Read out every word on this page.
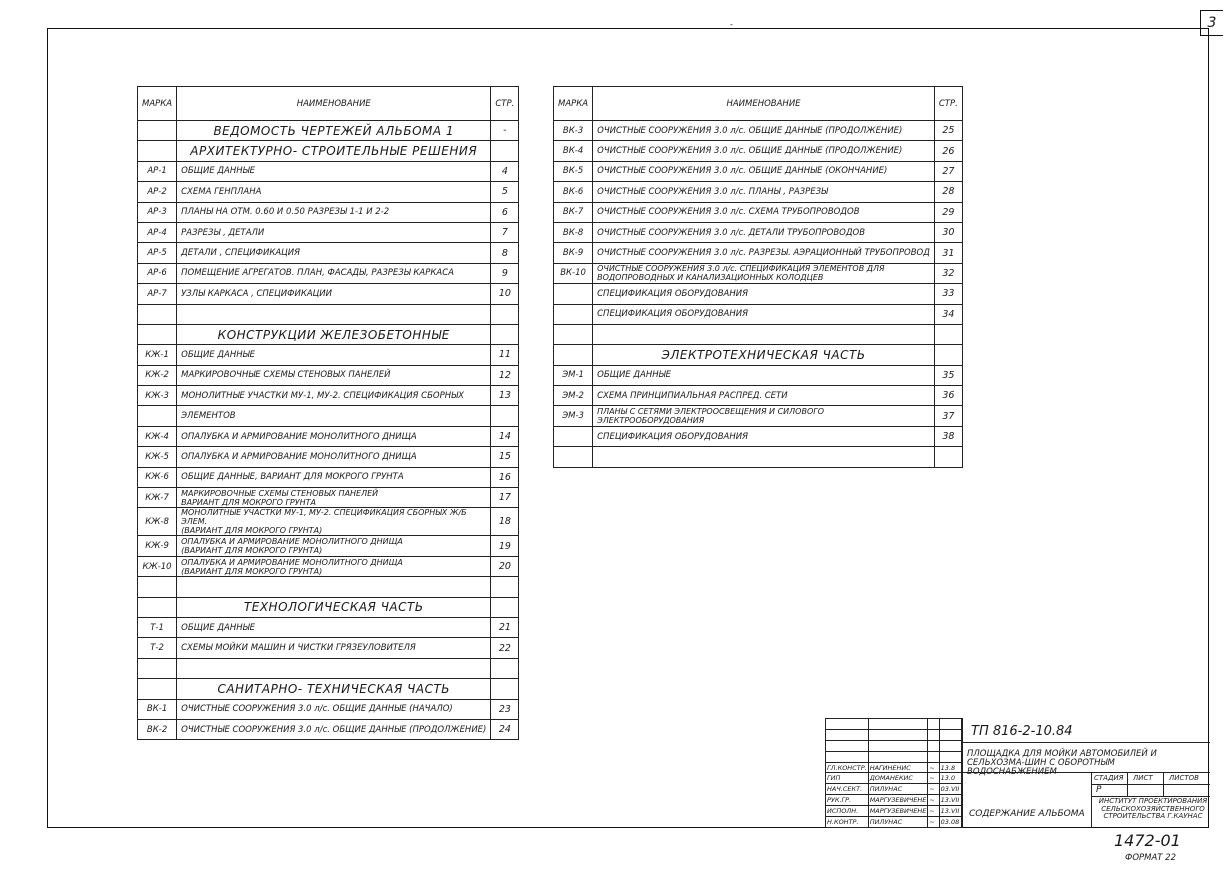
-	3
МАРКА	НАИМЕНОВАНИЕ	СТР.
	ВЕДОМОСТЬ ЧЕРТЕЖЕЙ АЛЬБОМА 1	-
	АРХИТЕКТУРНО- СТРОИТЕЛЬНЫЕ РЕШЕНИЯ	
АР-1	ОБЩИЕ ДАННЫЕ	4
АР-2	СХЕМА ГЕНПЛАНА	5
АР-3	ПЛАНЫ НА ОТМ. 0.60 И 0.50 РАЗРЕЗЫ 1-1 И 2-2	6
АР-4	РАЗРЕЗЫ , ДЕТАЛИ	7
АР-5	ДЕТАЛИ , СПЕЦИФИКАЦИЯ	8
АР-6	ПОМЕЩЕНИЕ АГРЕГАТОВ. ПЛАН, ФАСАДЫ, РАЗРЕЗЫ КАРКАСА	9
АР-7	УЗЛЫ КАРКАСА , СПЕЦИФИКАЦИИ	10

	КОНСТРУКЦИИ ЖЕЛЕЗОБЕТОННЫЕ	
КЖ-1	ОБЩИЕ ДАННЫЕ	11
КЖ-2	МАРКИРОВОЧНЫЕ СХЕМЫ СТЕНОВЫХ ПАНЕЛЕЙ	12
КЖ-3	МОНОЛИТНЫЕ УЧАСТКИ МУ-1, МУ-2. СПЕЦИФИКАЦИЯ СБОРНЫХ	13
	ЭЛЕМЕНТОВ	
КЖ-4	ОПАЛУБКА И АРМИРОВАНИЕ МОНОЛИТНОГО ДНИЩА	14
КЖ-5	ОПАЛУБКА И АРМИРОВАНИЕ МОНОЛИТНОГО ДНИЩА	15
КЖ-6	ОБЩИЕ ДАННЫЕ, ВАРИАНТ ДЛЯ МОКРОГО ГРУНТА	16
КЖ-7	МАРКИРОВОЧНЫЕ СХЕМЫ СТЕНОВЫХ ПАНЕЛЕЙ
ВАРИАНТ ДЛЯ МОКРОГО ГРУНТА	17
КЖ-8	МОНОЛИТНЫЕ УЧАСТКИ МУ-1, МУ-2. СПЕЦИФИКАЦИЯ СБОРНЫХ Ж/Б ЭЛЕМ.
(ВАРИАНТ ДЛЯ МОКРОГО ГРУНТА)	18
КЖ-9	ОПАЛУБКА И АРМИРОВАНИЕ МОНОЛИТНОГО ДНИЩА
(ВАРИАНТ ДЛЯ МОКРОГО ГРУНТА)	19
КЖ-10	ОПАЛУБКА И АРМИРОВАНИЕ МОНОЛИТНОГО ДНИЩА
(ВАРИАНТ ДЛЯ МОКРОГО ГРУНТА)	20

	ТЕХНОЛОГИЧЕСКАЯ ЧАСТЬ	
Т-1	ОБЩИЕ ДАННЫЕ	21
Т-2	СХЕМЫ МОЙКИ МАШИН И ЧИСТКИ ГРЯЗЕУЛОВИТЕЛЯ	22

	САНИТАРНО- ТЕХНИЧЕСКАЯ ЧАСТЬ	
ВК-1	ОЧИСТНЫЕ СООРУЖЕНИЯ 3.0 л/с. ОБЩИЕ ДАННЫЕ (НАЧАЛО)	23
ВК-2	ОЧИСТНЫЕ СООРУЖЕНИЯ 3.0 л/с. ОБЩИЕ ДАННЫЕ (ПРОДОЛЖЕНИЕ)	24
МАРКА	НАИМЕНОВАНИЕ	СТР.
ВК-3	ОЧИСТНЫЕ СООРУЖЕНИЯ 3.0 л/с. ОБЩИЕ ДАННЫЕ (ПРОДОЛЖЕНИЕ)	25
ВК-4	ОЧИСТНЫЕ СООРУЖЕНИЯ 3.0 л/с. ОБЩИЕ ДАННЫЕ (ПРОДОЛЖЕНИЕ)	26
ВК-5	ОЧИСТНЫЕ СООРУЖЕНИЯ 3.0 л/с. ОБЩИЕ ДАННЫЕ (ОКОНЧАНИЕ)	27
ВК-6	ОЧИСТНЫЕ СООРУЖЕНИЯ 3.0 л/с. ПЛАНЫ , РАЗРЕЗЫ	28
ВК-7	ОЧИСТНЫЕ СООРУЖЕНИЯ 3.0 л/с. СХЕМА ТРУБОПРОВОДОВ	29
ВК-8	ОЧИСТНЫЕ СООРУЖЕНИЯ 3.0 л/с. ДЕТАЛИ ТРУБОПРОВОДОВ	30
ВК-9	ОЧИСТНЫЕ СООРУЖЕНИЯ 3.0 л/с. РАЗРЕЗЫ. АЭРАЦИОННЫЙ ТРУБОПРОВОД	31
ВК-10	ОЧИСТНЫЕ СООРУЖЕНИЯ 3.0 л/с. СПЕЦИФИКАЦИЯ ЭЛЕМЕНТОВ ДЛЯ
ВОДОПРОВОДНЫХ И КАНАЛИЗАЦИОННЫХ КОЛОДЦЕВ	32
	СПЕЦИФИКАЦИЯ ОБОРУДОВАНИЯ	33
	СПЕЦИФИКАЦИЯ ОБОРУДОВАНИЯ	34

	ЭЛЕКТРОТЕХНИЧЕСКАЯ ЧАСТЬ	
ЭМ-1	ОБЩИЕ ДАННЫЕ	35
ЭМ-2	СХЕМА ПРИНЦИПИАЛЬНАЯ РАСПРЕД. СЕТИ	36
ЭМ-3	ПЛАНЫ С СЕТЯМИ ЭЛЕКТРООСВЕЩЕНИЯ И СИЛОВОГО
ЭЛЕКТРООБОРУДОВАНИЯ	37
	СПЕЦИФИКАЦИЯ ОБОРУДОВАНИЯ	38

ГЛ.КОНСТР.	НАГИНЕНИС	~	13.8
ГИП	ДОМАНЕКИС	~	13.0
НАЧ.СЕКТ.	ПИЛУНАС	~	03.VII
РУК.ГР.	МАРГУЗЕВИЧЕНЕ	~	13.VII
ИСПОЛН.	МАРГУЗЕВИЧЕНЕ	~	13.VII
Н.КОНТР.	ПИЛУНАС	~	03.08
ТП 816-2-10.84
ПЛОЩАДКА ДЛЯ МОЙКИ АВТОМОБИЛЕЙ И СЕЛЬХОЗМА-ШИН С ОБОРОТНЫМ ВОДОСНАБЖЕНИЕМ
СТАДИЯ ЛИСТ ЛИСТОВ
Р
СОДЕРЖАНИЕ АЛЬБОМА
ИНСТИТУТ ПРОЕКТИРОВАНИЯ СЕЛЬСКОХОЗЯЙСТВЕННОГО СТРОИТЕЛЬСТВА Г.КАУНАС
1472-01
ФОРМАТ 22
